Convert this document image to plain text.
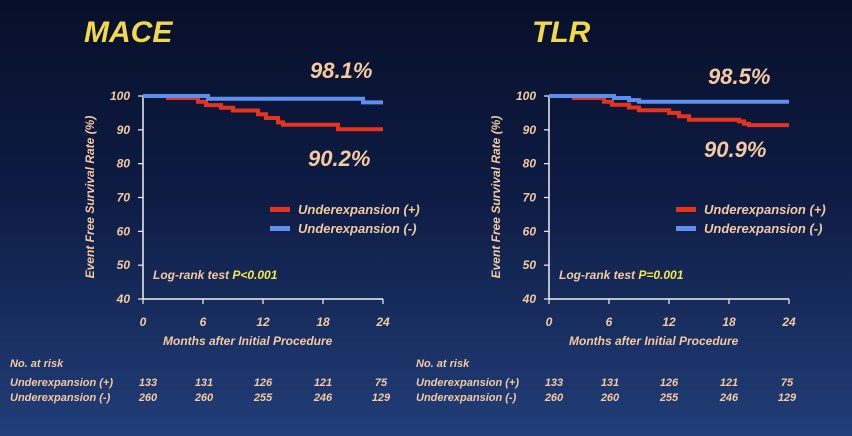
MACE
98.1%
90.2%
Event Free Survival Rate (%)
Months after Initial Procedure
Underexpansion (+)
Underexpansion (-)
Log-rank test P<0.001
40
50
60
70
80
90
100
0	6	12	18	24
TLR
98.5%
90.9%
Event Free Survival Rate (%)
Months after Initial Procedure
Underexpansion (+)
Underexpansion (-)
Log-rank test P=0.001
40
50
60
70
80
90
100
0	6	12	18	24
No. at risk
Underexpansion (+)	133	131	126	121	75
Underexpansion (-)	260	260	255	246	129
No. at risk
Underexpansion (+)	133	131	126	121	75
Underexpansion (-)	260	260	255	246	129
